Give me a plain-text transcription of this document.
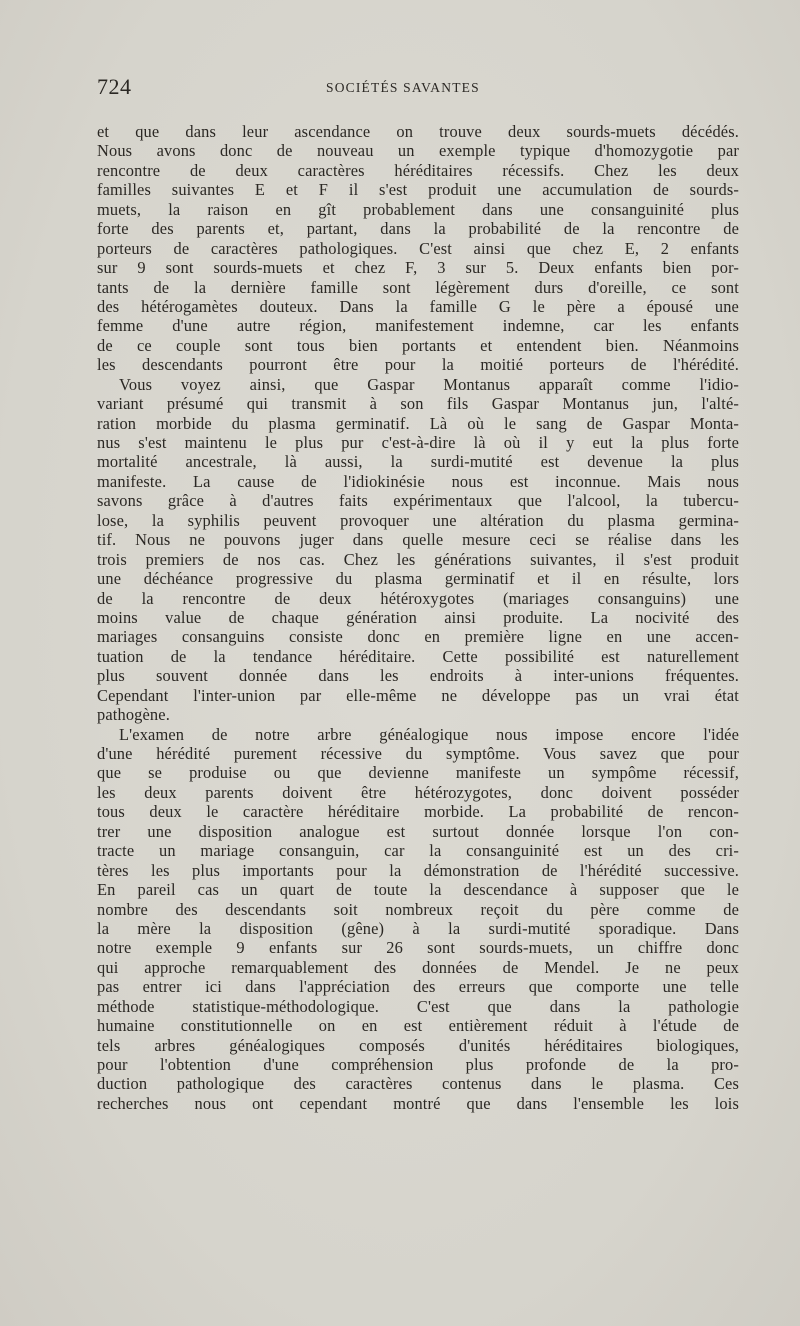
724	SOCIÉTÉS SAVANTES
et que dans leur ascendance on trouve deux sourds-muets décédés.
Nous avons donc de nouveau un exemple typique d'homozygotie par
rencontre de deux caractères héréditaires récessifs. Chez les deux
familles suivantes E et F il s'est produit une accumulation de sourds-
muets, la raison en gît probablement dans une consanguinité plus
forte des parents et, partant, dans la probabilité de la rencontre de
porteurs de caractères pathologiques. C'est ainsi que chez E, 2 enfants
sur 9 sont sourds-muets et chez F, 3 sur 5. Deux enfants bien por-
tants de la dernière famille sont légèrement durs d'oreille, ce sont
des hétérogamètes douteux. Dans la famille G le père a épousé une
femme d'une autre région, manifestement indemne, car les enfants
de ce couple sont tous bien portants et entendent bien. Néanmoins
les descendants pourront être pour la moitié porteurs de l'hérédité.
Vous voyez ainsi, que Gaspar Montanus apparaît comme l'idio-
variant présumé qui transmit à son fils Gaspar Montanus jun, l'alté-
ration morbide du plasma germinatif. Là où le sang de Gaspar Monta-
nus s'est maintenu le plus pur c'est-à-dire là où il y eut la plus forte
mortalité ancestrale, là aussi, la surdi-mutité est devenue la plus
manifeste. La cause de l'idiokinésie nous est inconnue. Mais nous
savons grâce à d'autres faits expérimentaux que l'alcool, la tubercu-
lose, la syphilis peuvent provoquer une altération du plasma germina-
tif. Nous ne pouvons juger dans quelle mesure ceci se réalise dans les
trois premiers de nos cas. Chez les générations suivantes, il s'est produit
une déchéance progressive du plasma germinatif et il en résulte, lors
de la rencontre de deux hétéroxygotes (mariages consanguins) une
moins value de chaque génération ainsi produite. La nocivité des
mariages consanguins consiste donc en première ligne en une accen-
tuation de la tendance héréditaire. Cette possibilité est naturellement
plus souvent donnée dans les endroits à inter-unions fréquentes.
Cependant l'inter-union par elle-même ne développe pas un vrai état
pathogène.
L'examen de notre arbre généalogique nous impose encore l'idée
d'une hérédité purement récessive du symptôme. Vous savez que pour
que se produise ou que devienne manifeste un sympôme récessif,
les deux parents doivent être hétérozygotes, donc doivent posséder
tous deux le caractère héréditaire morbide. La probabilité de rencon-
trer une disposition analogue est surtout donnée lorsque l'on con-
tracte un mariage consanguin, car la consanguinité est un des cri-
tères les plus importants pour la démonstration de l'hérédité successive.
En pareil cas un quart de toute la descendance à supposer que le
nombre des descendants soit nombreux reçoit du père comme de
la mère la disposition (gêne) à la surdi-mutité sporadique. Dans
notre exemple 9 enfants sur 26 sont sourds-muets, un chiffre donc
qui approche remarquablement des données de Mendel. Je ne peux
pas entrer ici dans l'appréciation des erreurs que comporte une telle
méthode statistique-méthodologique. C'est que dans la pathologie
humaine constitutionnelle on en est entièrement réduit à l'étude de
tels arbres généalogiques composés d'unités héréditaires biologiques,
pour l'obtention d'une compréhension plus profonde de la pro-
duction pathologique des caractères contenus dans le plasma. Ces
recherches nous ont cependant montré que dans l'ensemble les lois
